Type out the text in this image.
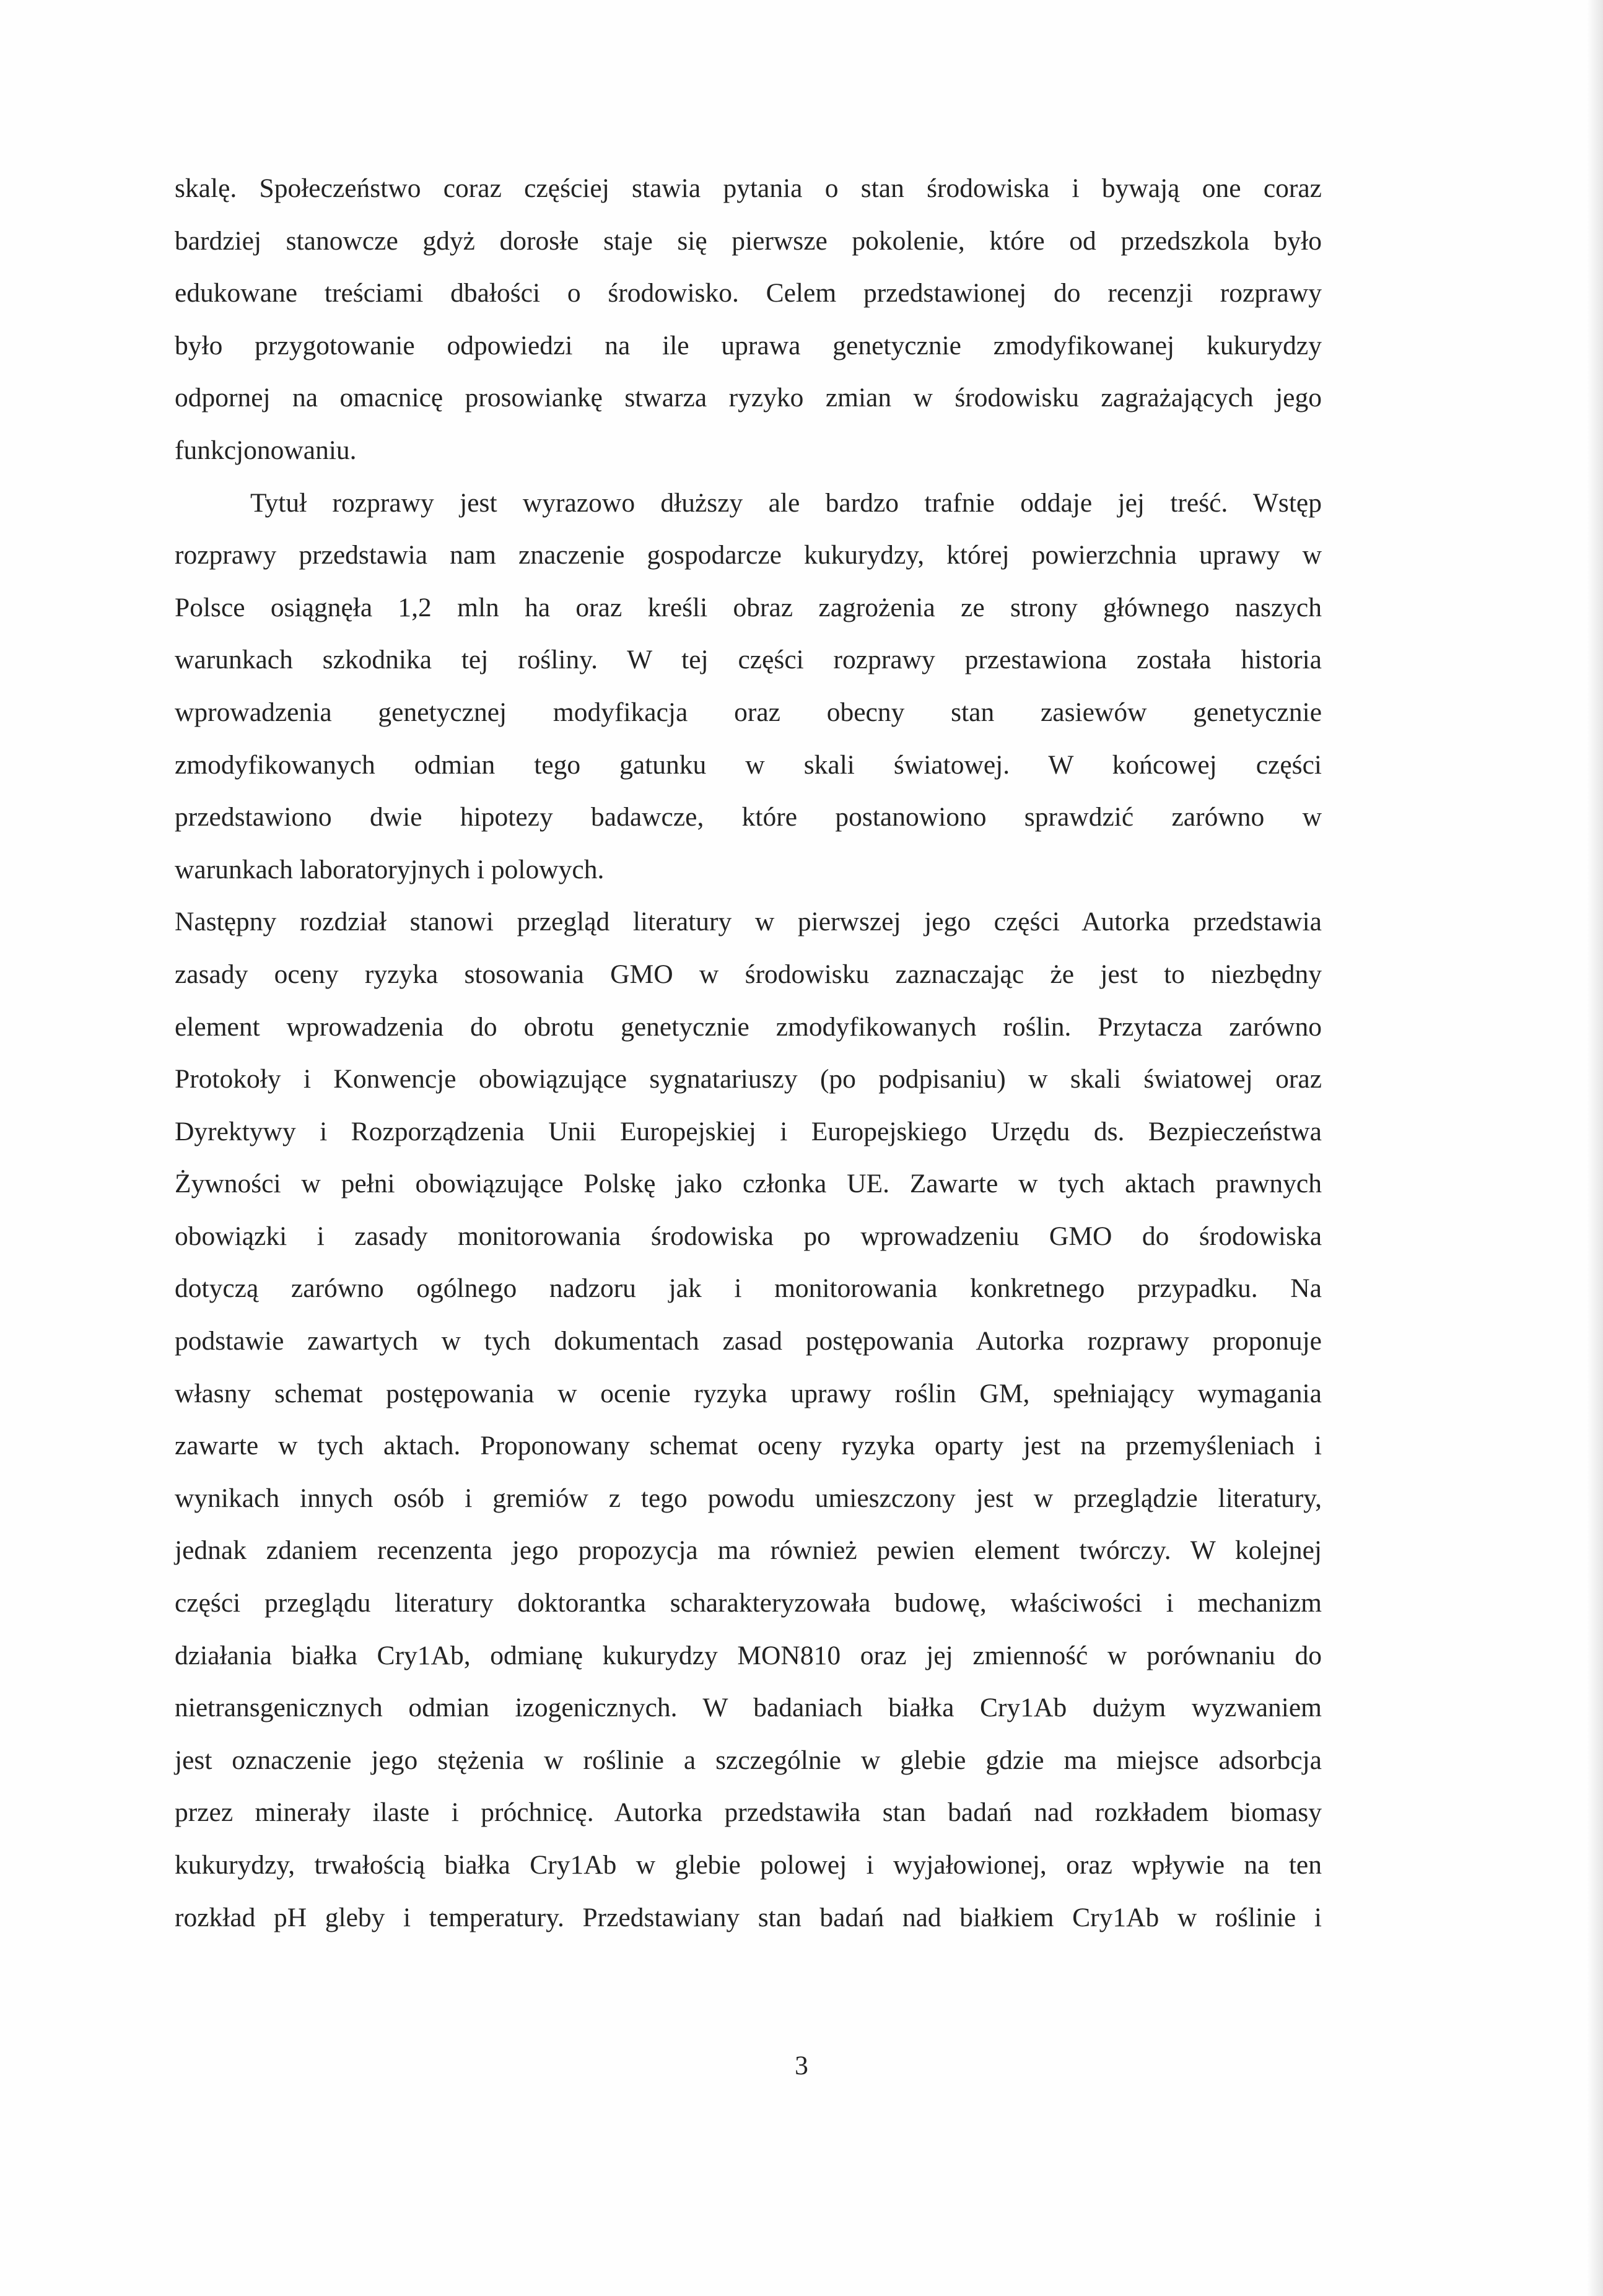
skalę. Społeczeństwo coraz częściej stawia pytania o stan środowiska i bywają one coraz
bardziej stanowcze gdyż dorosłe staje się pierwsze pokolenie, które od przedszkola było
edukowane treściami dbałości o środowisko. Celem przedstawionej do recenzji rozprawy
było przygotowanie odpowiedzi na ile uprawa genetycznie zmodyfikowanej kukurydzy
odpornej na omacnicę prosowiankę stwarza ryzyko zmian w środowisku zagrażających jego
funkcjonowaniu.
Tytuł rozprawy jest wyrazowo dłuższy ale bardzo trafnie oddaje jej treść. Wstęp
rozprawy przedstawia nam znaczenie gospodarcze kukurydzy, której powierzchnia uprawy w
Polsce osiągnęła 1,2 mln ha oraz kreśli obraz zagrożenia ze strony głównego naszych
warunkach szkodnika tej rośliny. W tej części rozprawy przestawiona została historia
wprowadzenia genetycznej modyfikacja oraz obecny stan zasiewów genetycznie
zmodyfikowanych odmian tego gatunku w skali światowej. W końcowej części
przedstawiono dwie hipotezy badawcze, które postanowiono sprawdzić zarówno w
warunkach laboratoryjnych i polowych.
Następny rozdział stanowi przegląd literatury w pierwszej jego części Autorka przedstawia
zasady oceny ryzyka stosowania GMO w środowisku zaznaczając że jest to niezbędny
element wprowadzenia do obrotu genetycznie zmodyfikowanych roślin. Przytacza zarówno
Protokoły i Konwencje obowiązujące sygnatariuszy (po podpisaniu) w skali światowej oraz
Dyrektywy i Rozporządzenia Unii Europejskiej i Europejskiego Urzędu ds. Bezpieczeństwa
Żywności w pełni obowiązujące Polskę jako członka UE. Zawarte w tych aktach prawnych
obowiązki i zasady monitorowania środowiska po wprowadzeniu GMO do środowiska
dotyczą zarówno ogólnego nadzoru jak i monitorowania konkretnego przypadku. Na
podstawie zawartych w tych dokumentach zasad postępowania Autorka rozprawy proponuje
własny schemat postępowania w ocenie ryzyka uprawy roślin GM, spełniający wymagania
zawarte w tych aktach. Proponowany schemat oceny ryzyka oparty jest na przemyśleniach i
wynikach innych osób i gremiów z tego powodu umieszczony jest w przeglądzie literatury,
jednak zdaniem recenzenta jego propozycja ma również pewien element twórczy. W kolejnej
części przeglądu literatury doktorantka scharakteryzowała budowę, właściwości i mechanizm
działania białka Cry1Ab, odmianę kukurydzy MON810 oraz jej zmienność w porównaniu do
nietransgenicznych odmian izogenicznych. W badaniach białka Cry1Ab dużym wyzwaniem
jest oznaczenie jego stężenia w roślinie a szczególnie w glebie gdzie ma miejsce adsorbcja
przez minerały ilaste i próchnicę. Autorka przedstawiła stan badań nad rozkładem biomasy
kukurydzy, trwałością białka Cry1Ab w glebie polowej i wyjałowionej, oraz wpływie na ten
rozkład pH gleby i temperatury. Przedstawiany stan badań nad białkiem Cry1Ab w roślinie i
3
